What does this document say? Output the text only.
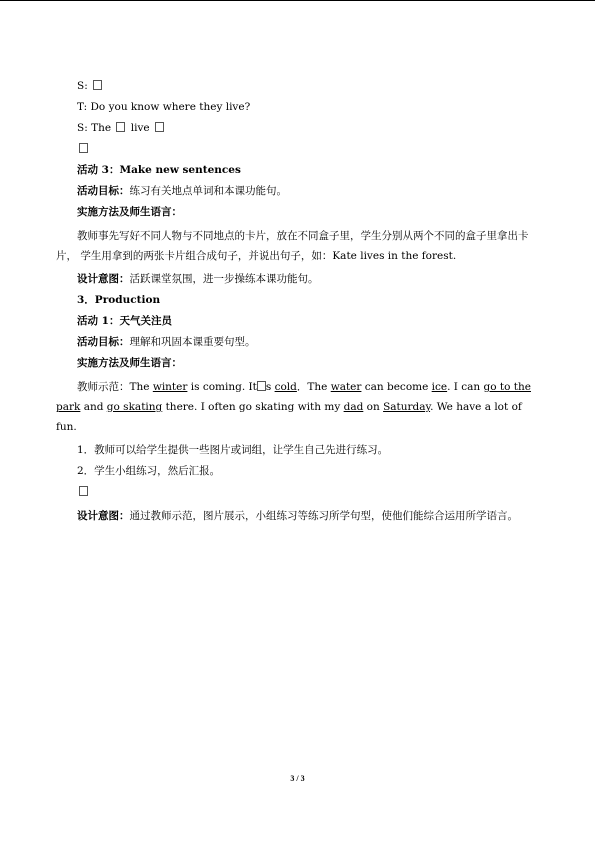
S:

T: Do you know where they live?

S: The live

活动 3：Make new sentences

活动目标：练习有关地点单词和本课功能句。

实施方法及师生语言：

教师事先写好不同人物与不同地点的卡片，放在不同盒子里，学生分别从两个不同的盒子里拿出卡片， 学生用拿到的两张卡片组合成句子，并说出句子，如：Kate lives in the forest.

设计意图：活跃课堂氛围，进一步操练本课功能句。

3．Production

活动 1：天气关注员

活动目标：理解和巩固本课重要句型。

实施方法及师生语言：

教师示范：The winter is coming. It s cold．The water can become ice. I can go to the park and go skating there. I often go skating with my dad on Saturday. We have a lot of fun.

1．教师可以给学生提供一些图片或词组，让学生自己先进行练习。

2．学生小组练习，然后汇报。

设计意图：通过教师示范，图片展示，小组练习等练习所学句型，使他们能综合运用所学语言。

3 / 3
